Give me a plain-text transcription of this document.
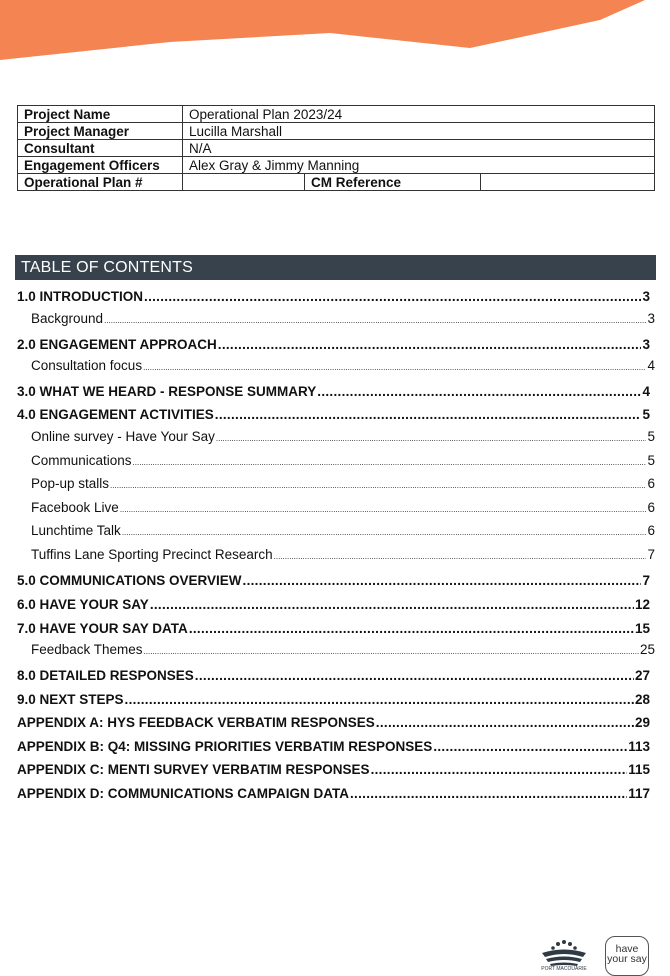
Project Name	Operational Plan 2023/24		
Project Manager	Lucilla Marshall		
Consultant	N/A		
Engagement Officers	Alex Gray & Jimmy Manning		
Operational Plan #		CM Reference	
TABLE OF CONTENTS
1.0 INTRODUCTION .....	3
Background .....	3
2.0 ENGAGEMENT APPROACH .....	3
Consultation focus .....	4
3.0 WHAT WE HEARD - RESPONSE SUMMARY .....	4
4.0 ENGAGEMENT ACTIVITIES .....	5
Online survey - Have Your Say .....	5
Communications .....	5
Pop-up stalls .....	6
Facebook Live .....	6
Lunchtime Talk .....	6
Tuffins Lane Sporting Precinct Research .....	7
5.0 COMMUNICATIONS OVERVIEW .....	7
6.0 HAVE YOUR SAY .....	12
7.0 HAVE YOUR SAY DATA .....	15
Feedback Themes .....	25
8.0 DETAILED RESPONSES .....	27
9.0 NEXT STEPS .....	28
APPENDIX A: HYS FEEDBACK VERBATIM RESPONSES .....	29
APPENDIX B: Q4: MISSING PRIORITIES VERBATIM RESPONSES .....	113
APPENDIX C: MENTI SURVEY VERBATIM RESPONSES .....	115
APPENDIX D: COMMUNICATIONS CAMPAIGN DATA .....	117
PORT MACQUARIE
have
your say
